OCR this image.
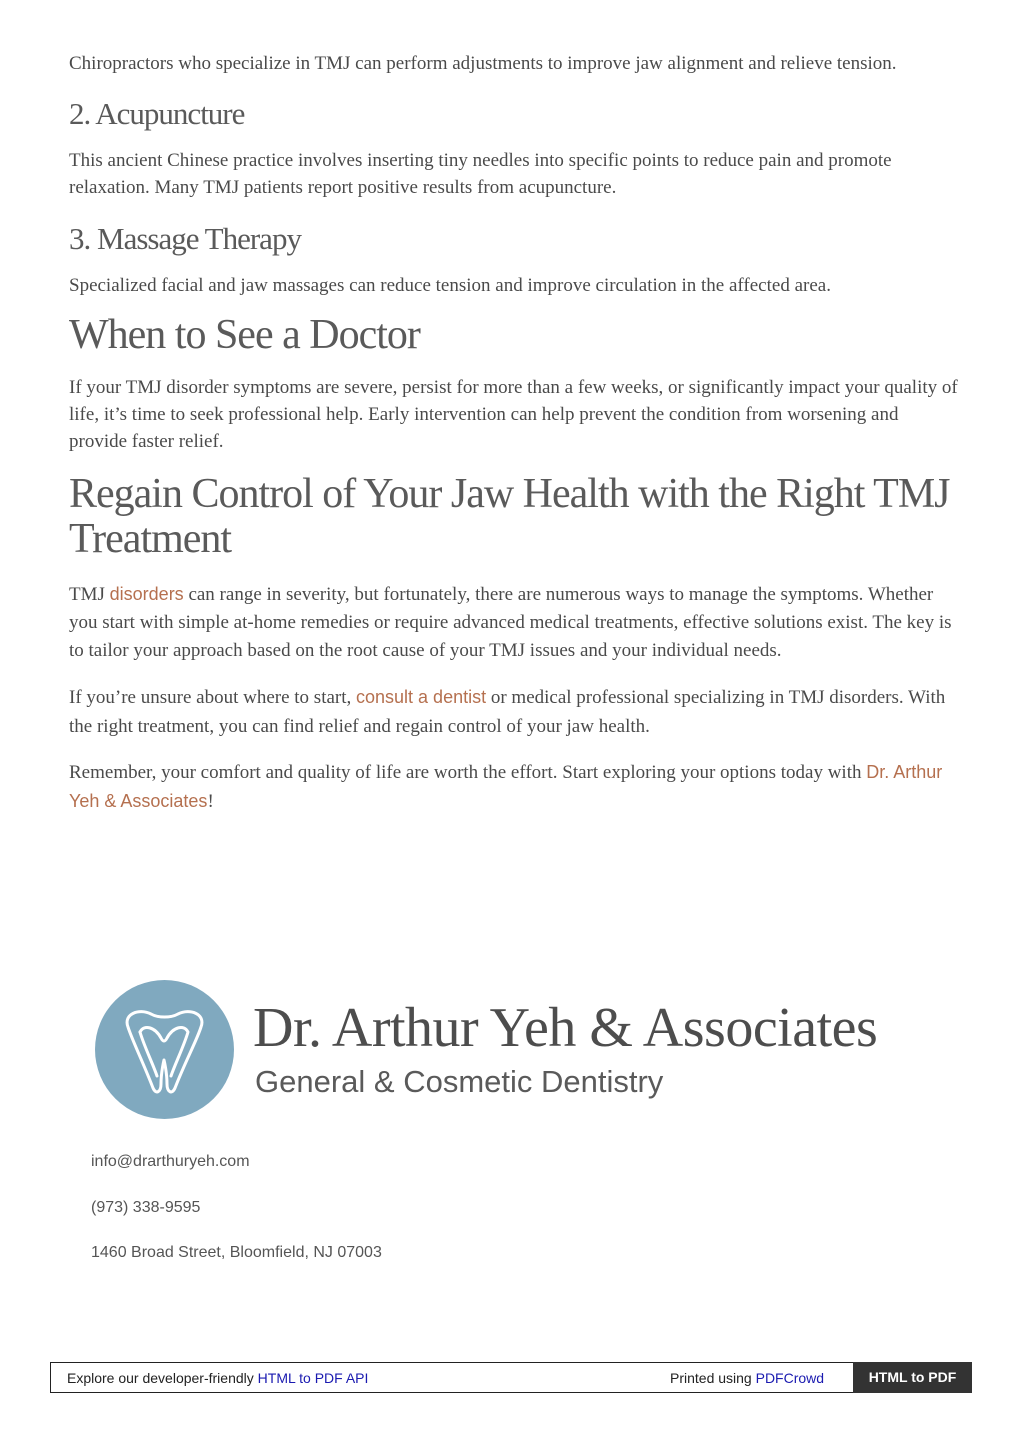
Chiropractors who specialize in TMJ can perform adjustments to improve jaw alignment and relieve tension.

2. Acupuncture

This ancient Chinese practice involves inserting tiny needles into specific points to reduce pain and promote relaxation. Many TMJ patients report positive results from acupuncture.

3. Massage Therapy

Specialized facial and jaw massages can reduce tension and improve circulation in the affected area.

When to See a Doctor

If your TMJ disorder symptoms are severe, persist for more than a few weeks, or significantly impact your quality of life, it’s time to seek professional help. Early intervention can help prevent the condition from worsening and provide faster relief.

Regain Control of Your Jaw Health with the Right TMJ Treatment

TMJ disorders can range in severity, but fortunately, there are numerous ways to manage the symptoms. Whether you start with simple at-home remedies or require advanced medical treatments, effective solutions exist. The key is to tailor your approach based on the root cause of your TMJ issues and your individual needs.

If you’re unsure about where to start, consult a dentist or medical professional specializing in TMJ disorders. With the right treatment, you can find relief and regain control of your jaw health.

Remember, your comfort and quality of life are worth the effort. Start exploring your options today with Dr. Arthur Yeh & Associates!

Dr. Arthur Yeh & Associates
General & Cosmetic Dentistry
info@drarthuryeh.com
(973) 338-9595
1460 Broad Street, Bloomfield, NJ 07003
Explore our developer-friendly HTML to PDF API	Printed using PDFCrowd	HTML to PDF
